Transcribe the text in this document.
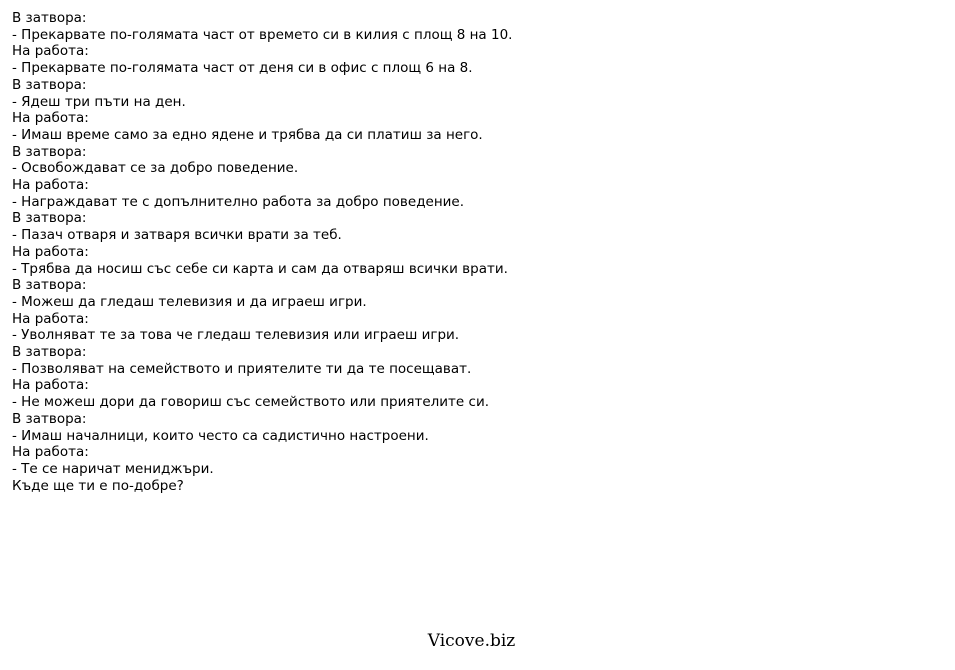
В затвора:
- Прекарвате по-голямата част от времето си в килия с площ 8 на 10.
На работа:
- Прекарвате по-голямата част от деня си в офис с площ 6 на 8.
В затвора:
- Ядеш три пъти на ден.
На работа:
- Имаш време само за едно ядене и трябва да си платиш за него.
В затвора:
- Освобождават се за добро поведение.
На работа:
- Награждават те с допълнително работа за добро поведение.
В затвора:
- Пазач отваря и затваря всички врати за теб.
На работа:
- Трябва да носиш със себе си карта и сам да отваряш всички врати.
В затвора:
- Можеш да гледаш телевизия и да играеш игри.
На работа:
- Уволняват те за това че гледаш телевизия или играеш игри.
В затвора:
- Позволяват на семейството и приятелите ти да те посещават.
На работа:
- Не можеш дори да говориш със семейството или приятелите си.
В затвора:
- Имаш началници, които често са садистично настроени.
На работа:
- Те се наричат мениджъри.
Къде ще ти е по-добре?
Vicove.biz
